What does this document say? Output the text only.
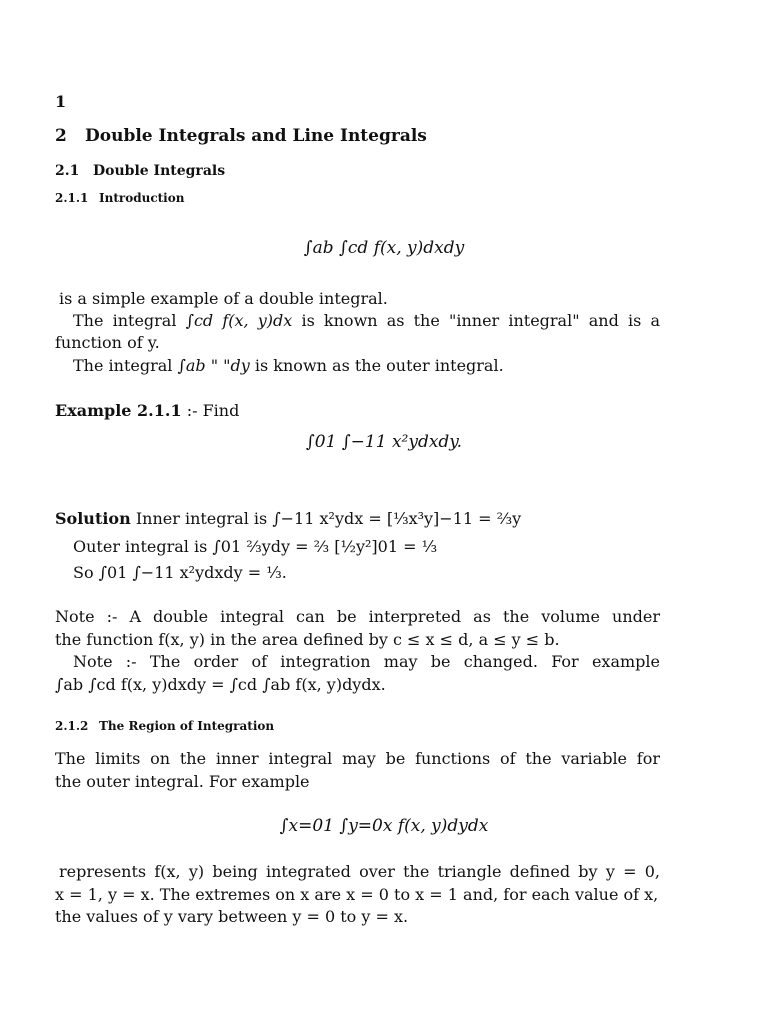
1
2 Double Integrals and Line Integrals
2.1 Double Integrals
2.1.1 Introduction
∫ab ∫cd f(x, y)dxdy
is a simple example of a double integral.
The integral ∫cd f(x, y)dx is known as the "inner integral" and is a
function of y.
The integral ∫ab " "dy is known as the outer integral.
Example 2.1.1 :- Find
∫01 ∫−11 x²ydxdy.
Solution Inner integral is ∫−11 x²ydx = [⅓x³y]−11 = ⅔y
Outer integral is ∫01 ⅔ydy = ⅔ [½y²]01 = ⅓
So ∫01 ∫−11 x²ydxdy = ⅓.
Note :- A double integral can be interpreted as the volume under
the function f(x, y) in the area defined by c ≤ x ≤ d, a ≤ y ≤ b.
Note :- The order of integration may be changed. For example
∫ab ∫cd f(x, y)dxdy = ∫cd ∫ab f(x, y)dydx.
2.1.2 The Region of Integration
The limits on the inner integral may be functions of the variable for
the outer integral. For example
∫x=01 ∫y=0x f(x, y)dydx
represents f(x, y) being integrated over the triangle defined by y = 0,
x = 1, y = x. The extremes on x are x = 0 to x = 1 and, for each value of x,
the values of y vary between y = 0 to y = x.
